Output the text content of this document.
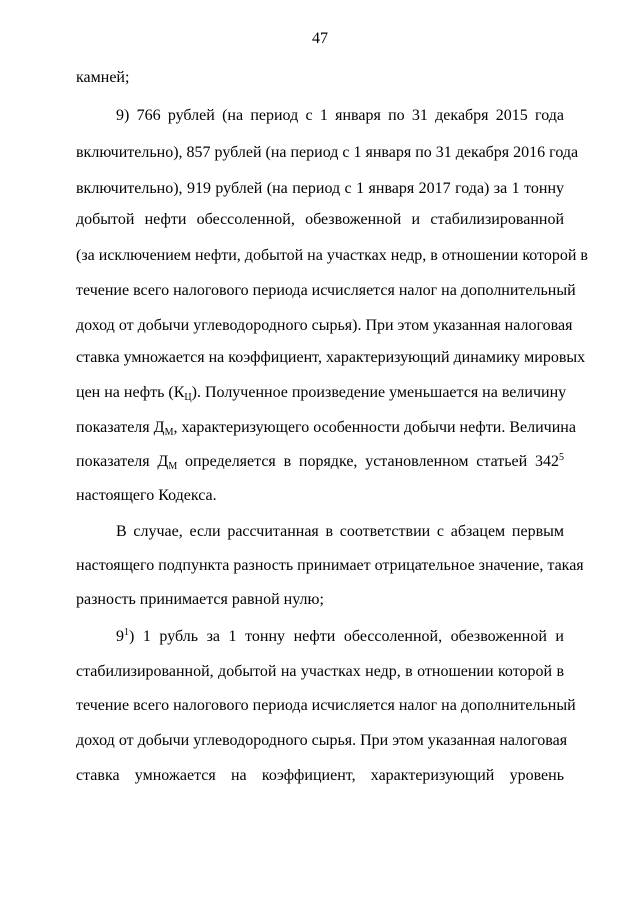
47
камней;
9) 766 рублей (на период с 1 января по 31 декабря 2015 года
включительно), 857 рублей (на период с 1 января по 31 декабря 2016 года
включительно), 919 рублей (на период с 1 января 2017 года) за 1 тонну
добытой нефти обессоленной, обезвоженной и стабилизированной
(за исключением нефти, добытой на участках недр, в отношении которой в
течение всего налогового периода исчисляется налог на дополнительный
доход от добычи углеводородного сырья). При этом указанная налоговая
ставка умножается на коэффициент, характеризующий динамику мировых
цен на нефть $(К_Ц)$. Полученное произведение уменьшается на величину
показателя $Д_М$, характеризующего особенности добычи нефти. Величина
показателя $Д_М$ определяется в порядке, установленном статьей $342^5$
настоящего Кодекса.
В случае, если рассчитанная в соответствии с абзацем первым
настоящего подпункта разность принимает отрицательное значение, такая
разность принимается равной нулю;
$9^1$) 1 рубль за 1 тонну нефти обессоленной, обезвоженной и
стабилизированной, добытой на участках недр, в отношении которой в
течение всего налогового периода исчисляется налог на дополнительный
доход от добычи углеводородного сырья. При этом указанная налоговая
ставка умножается на коэффициент, характеризующий уровень
